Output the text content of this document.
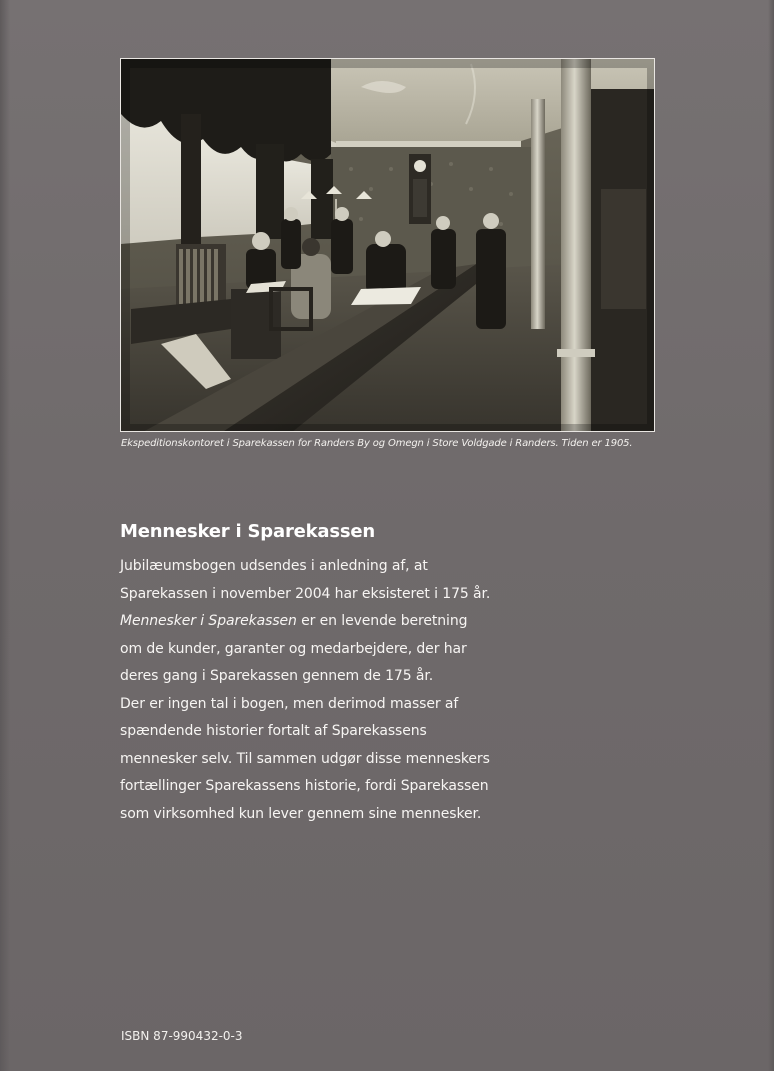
Ekspeditionskontoret i Sparekassen for Randers By og Omegn i Store Voldgade i Randers. Tiden er 1905.
Mennesker i Sparekassen
Jubilæumsbogen udsendes i anledning af, at
Sparekassen i november 2004 har eksisteret i 175 år.
Mennesker i Sparekassen er en levende beretning
om de kunder, garanter og medarbejdere, der har
deres gang i Sparekassen gennem de 175 år.
Der er ingen tal i bogen, men derimod masser af
spændende historier fortalt af Sparekassens
mennesker selv. Til sammen udgør disse menneskers
fortællinger Sparekassens historie, fordi Sparekassen
som virksomhed kun lever gennem sine mennesker.
ISBN 87-990432-0-3
